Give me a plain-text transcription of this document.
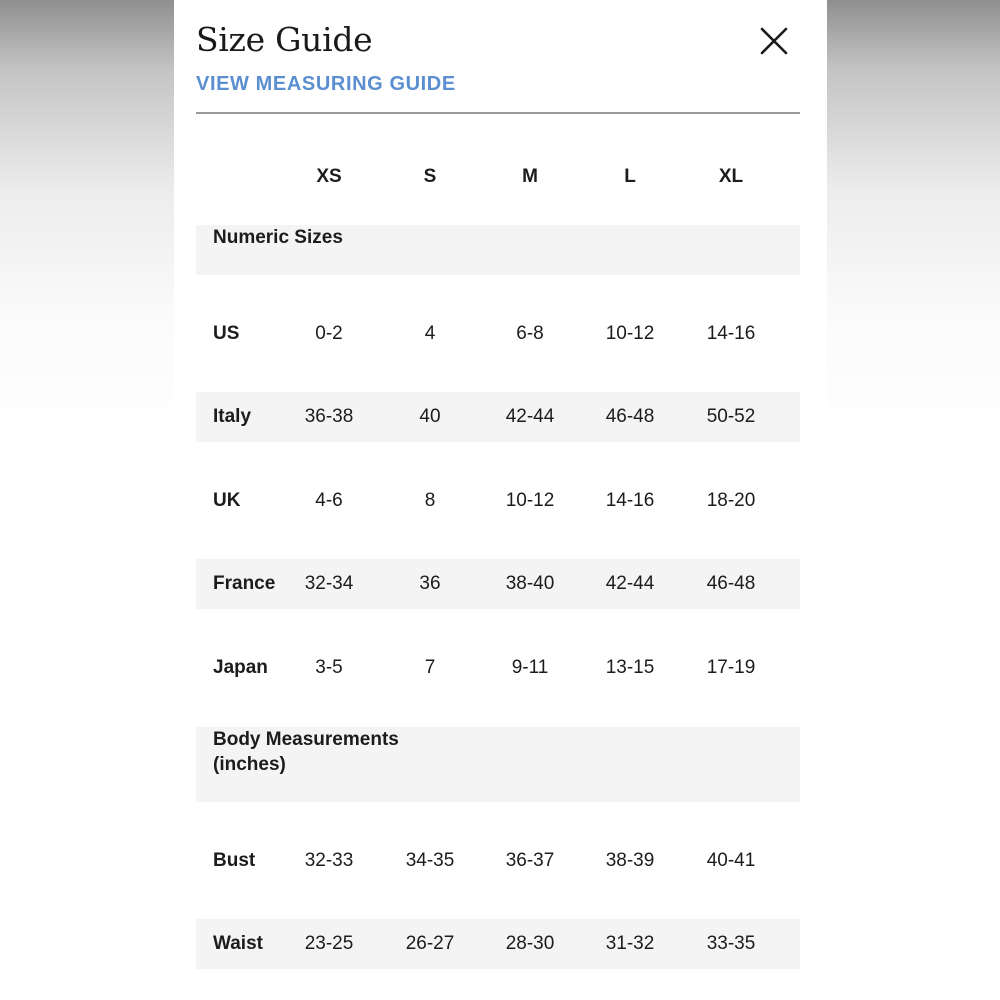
Size Guide
VIEW MEASURING GUIDE
XS	S	M	L	XL
Numeric Sizes
US	0-2	4	6-8	10-12	14-16
Italy	36-38	40	42-44	46-48	50-52
UK	4-6	8	10-12	14-16	18-20
France	32-34	36	38-40	42-44	46-48
Japan	3-5	7	9-11	13-15	17-19
Body Measurements (inches)
Bust	32-33	34-35	36-37	38-39	40-41
Waist	23-25	26-27	28-30	31-32	33-35
